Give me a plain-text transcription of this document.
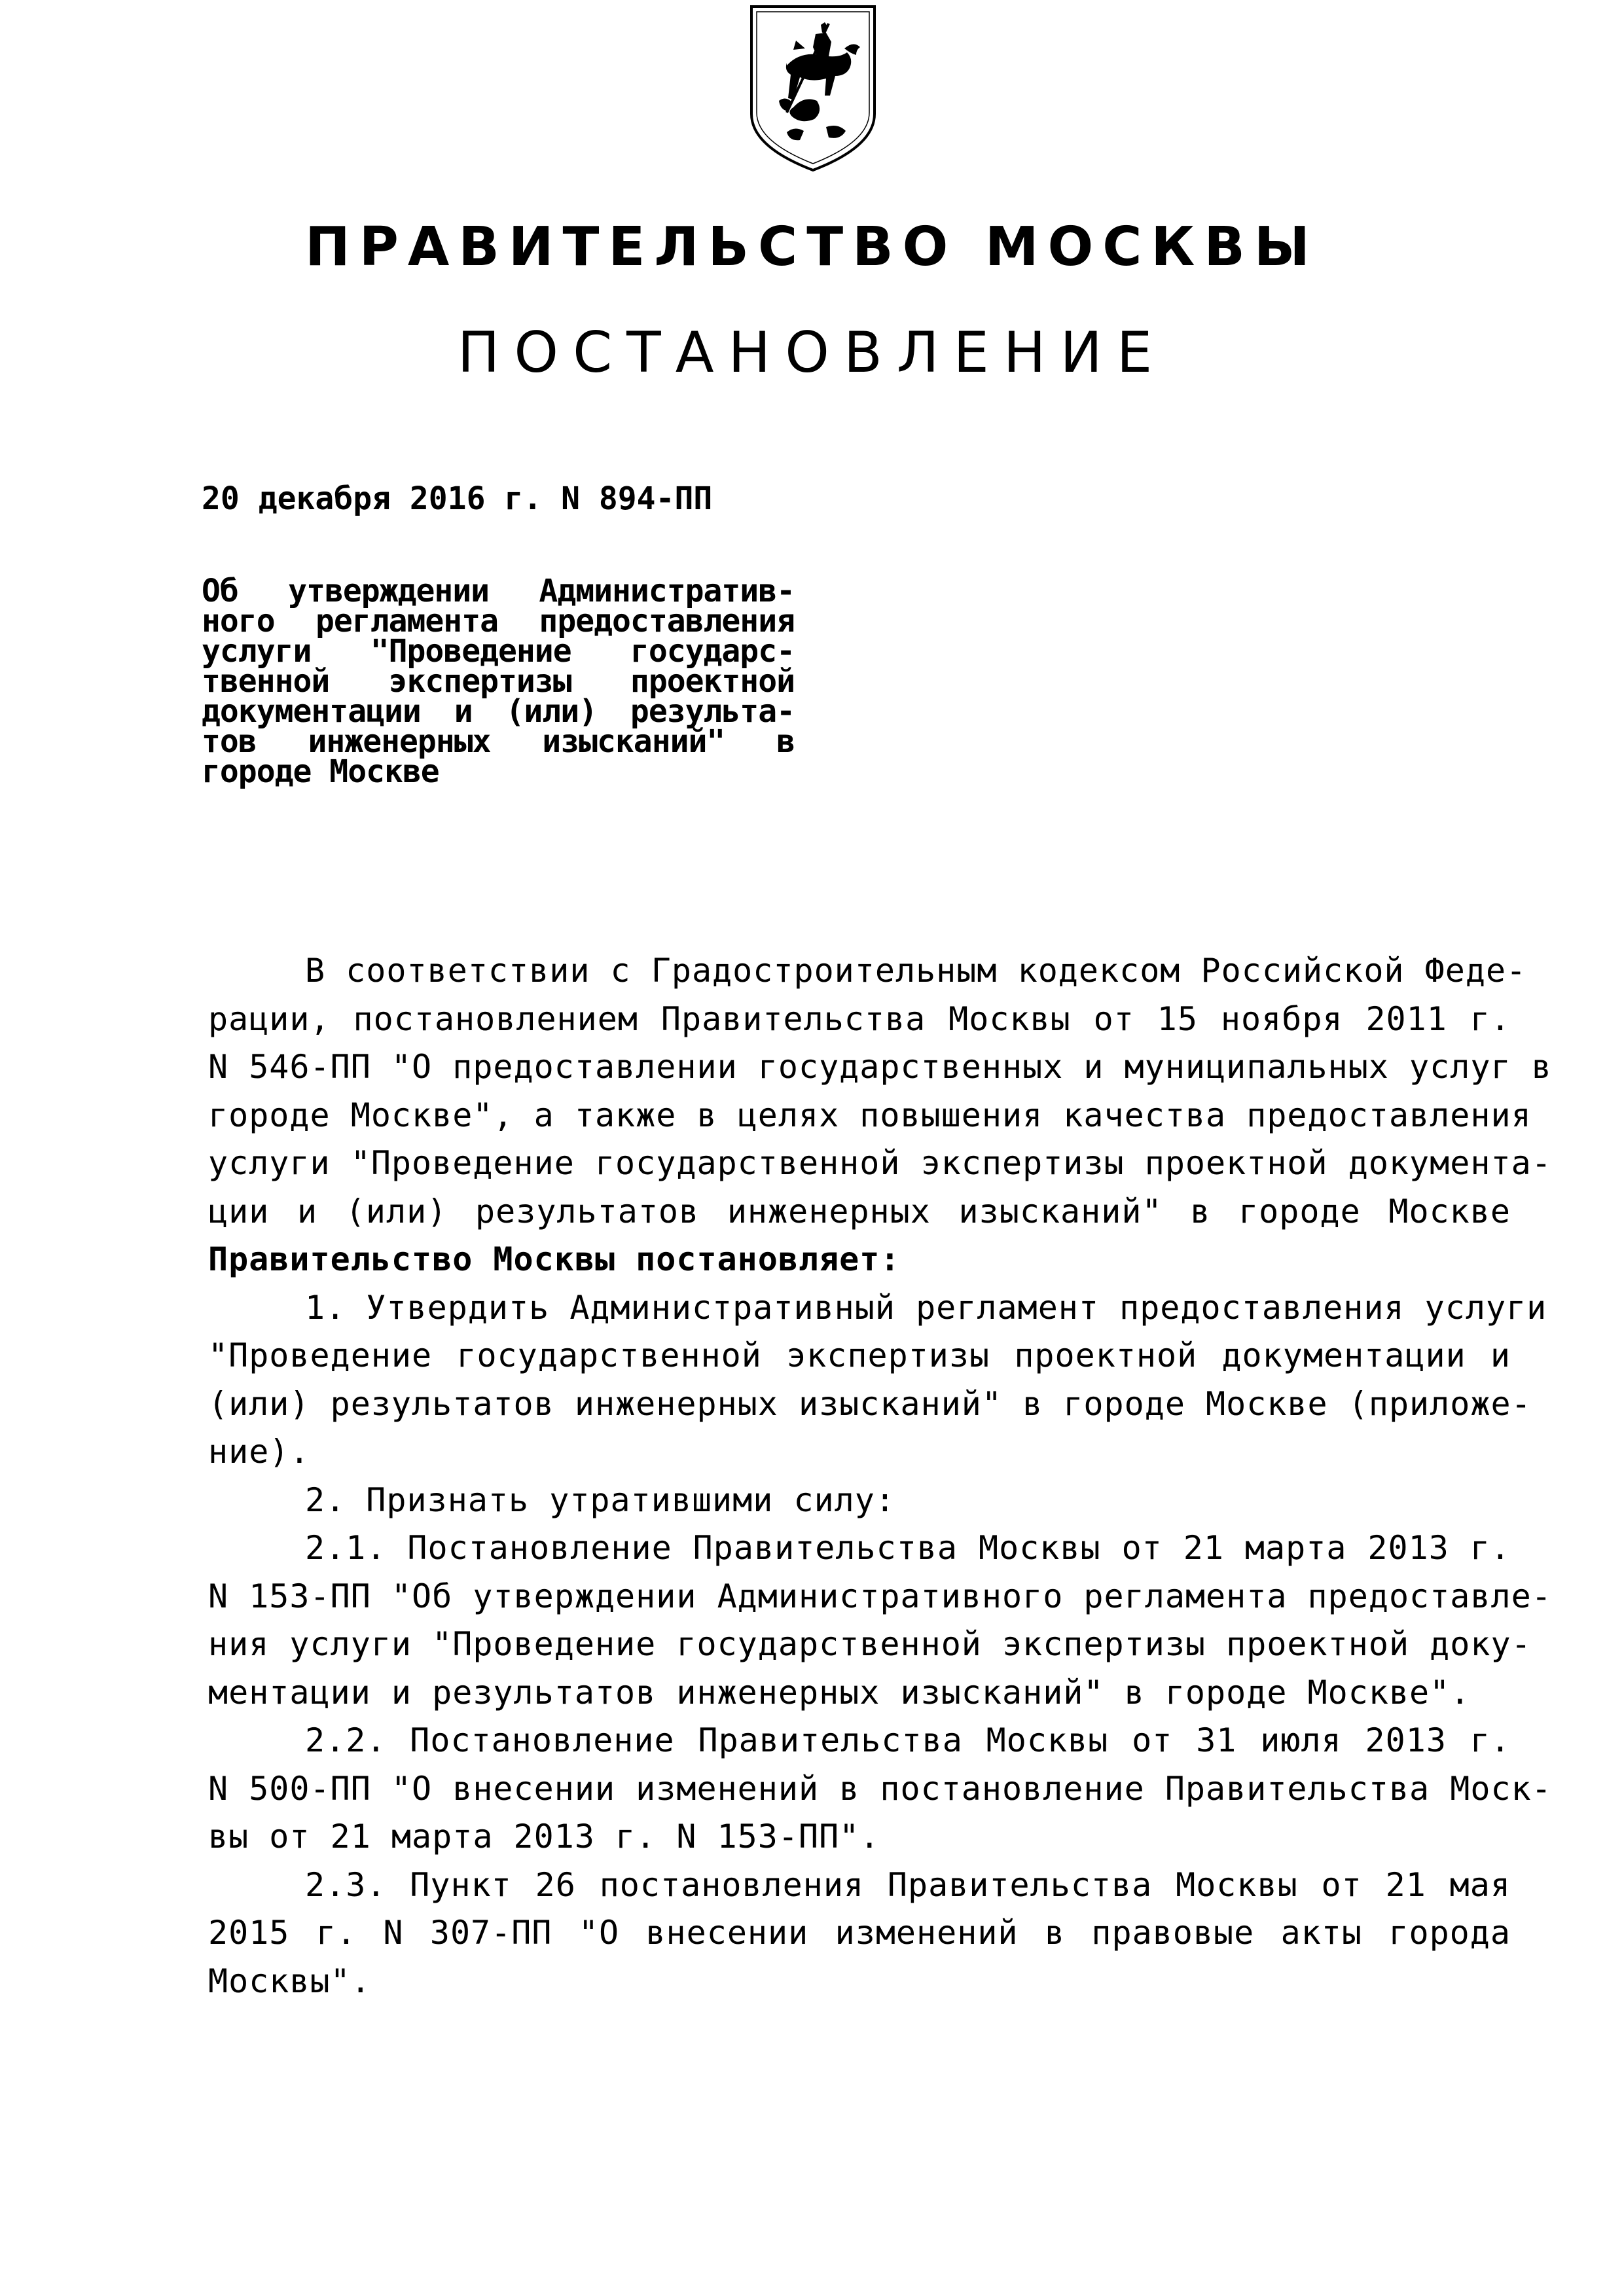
ПРАВИТЕЛЬСТВО МОСКВЫ
ПОСТАНОВЛЕНИЕ
20 декабря 2016 г. N 894-ПП
Об утверждении Административ-
ного регламента предоставления
услуги "Проведение государс-
твенной экспертизы проектной
документации и (или) результа-
тов инженерных изысканий" в
городе Москве
В соответствии с Градостроительным кодексом Российской Феде-
рации, постановлением Правительства Москвы от 15 ноября 2011 г.
N 546-ПП "О предоставлении государственных и муниципальных услуг в
городе Москве", а также в целях повышения качества предоставления
услуги "Проведение государственной экспертизы проектной документа-
ции и (или) результатов инженерных изысканий" в городе Москве
Правительство Москвы постановляет:
1. Утвердить Административный регламент предоставления услуги
"Проведение государственной экспертизы проектной документации и
(или) результатов инженерных изысканий" в городе Москве (приложе-
ние).
2. Признать утратившими силу:
2.1. Постановление Правительства Москвы от 21 марта 2013 г.
N 153-ПП "Об утверждении Административного регламента предоставле-
ния услуги "Проведение государственной экспертизы проектной доку-
ментации и результатов инженерных изысканий" в городе Москве".
2.2. Постановление Правительства Москвы от 31 июля 2013 г.
N 500-ПП "О внесении изменений в постановление Правительства Моск-
вы от 21 марта 2013 г. N 153-ПП".
2.3. Пункт 26 постановления Правительства Москвы от 21 мая
2015 г. N 307-ПП "О внесении изменений в правовые акты города
Москвы".
